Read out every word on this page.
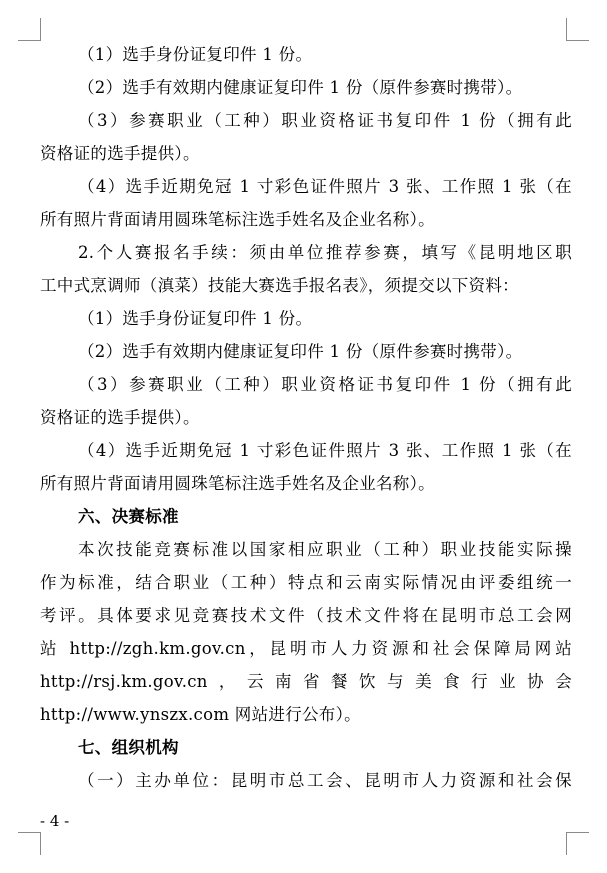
（1）选手身份证复印件 1 份。
（2）选手有效期内健康证复印件 1 份（原件参赛时携带）。
（3）参赛职业（工种）职业资格证书复印件 1 份（拥有此
资格证的选手提供）。
（4）选手近期免冠 1 寸彩色证件照片 3 张、工作照 1 张（在
所有照片背面请用圆珠笔标注选手姓名及企业名称）。
2.个人赛报名手续：须由单位推荐参赛，填写《昆明地区职
工中式烹调师（滇菜）技能大赛选手报名表》，须提交以下资料：
（1）选手身份证复印件 1 份。
（2）选手有效期内健康证复印件 1 份（原件参赛时携带）。
（3）参赛职业（工种）职业资格证书复印件 1 份（拥有此
资格证的选手提供）。
（4）选手近期免冠 1 寸彩色证件照片 3 张、工作照 1 张（在
所有照片背面请用圆珠笔标注选手姓名及企业名称）。
六、决赛标准
本次技能竞赛标准以国家相应职业（工种）职业技能实际操
作为标准，结合职业（工种）特点和云南实际情况由评委组统一
考评。具体要求见竞赛技术文件（技术文件将在昆明市总工会网
站 http://zgh.km.gov.cn，昆明市人力资源和社会保障局网站
http://rsj.km.gov.cn，云南省餐饮与美食行业协会
http://www.ynszx.com 网站进行公布）。
七、组织机构
（一）主办单位：昆明市总工会、昆明市人力资源和社会保
- 4 -
